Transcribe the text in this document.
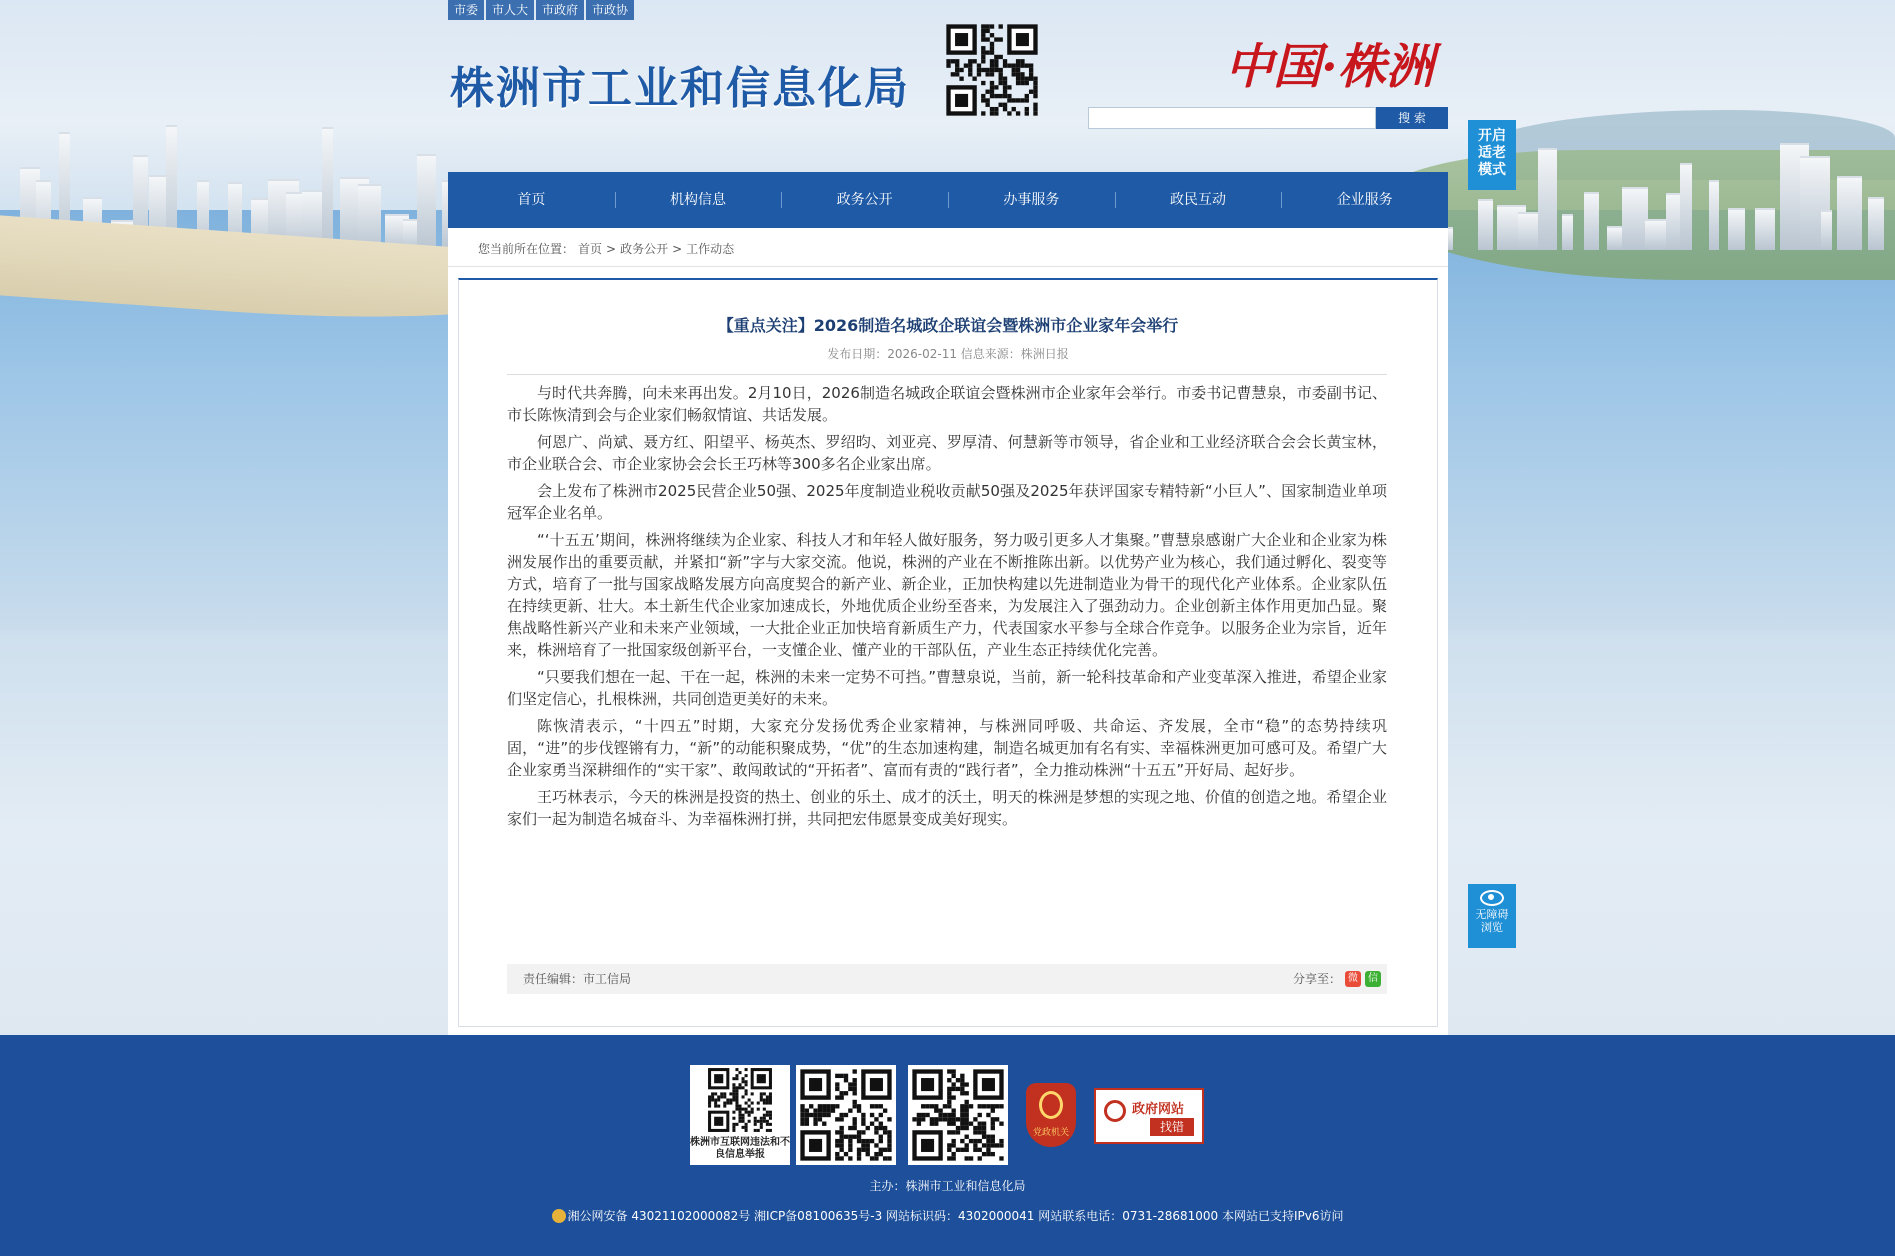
市委	市人大	市政府	市政协
株洲市工业和信息化局	中国·株洲
搜 索
开启适老模式
首页	机构信息	政务公开	办事服务	政民互动	企业服务
您当前所在位置： 首页 > 政务公开 > 工作动态
【重点关注】2026制造名城政企联谊会暨株洲市企业家年会举行
发布日期：2026-02-11 信息来源：株洲日报

与时代共奔腾，向未来再出发。2月10日，2026制造名城政企联谊会暨株洲市企业家年会举行。市委书记曹慧泉，市委副书记、市长陈恢清到会与企业家们畅叙情谊、共话发展。

何恩广、尚斌、聂方红、阳望平、杨英杰、罗绍昀、刘亚亮、罗厚清、何慧新等市领导，省企业和工业经济联合会会长黄宝林，市企业联合会、市企业家协会会长王巧林等300多名企业家出席。

会上发布了株洲市2025民营企业50强、2025年度制造业税收贡献50强及2025年获评国家专精特新“小巨人”、国家制造业单项冠军企业名单。

“‘十五五’期间，株洲将继续为企业家、科技人才和年轻人做好服务，努力吸引更多人才集聚。”曹慧泉感谢广大企业和企业家为株洲发展作出的重要贡献，并紧扣“新”字与大家交流。他说，株洲的产业在不断推陈出新。以优势产业为核心，我们通过孵化、裂变等方式，培育了一批与国家战略发展方向高度契合的新产业、新企业，正加快构建以先进制造业为骨干的现代化产业体系。企业家队伍在持续更新、壮大。本土新生代企业家加速成长，外地优质企业纷至沓来，为发展注入了强劲动力。企业创新主体作用更加凸显。聚焦战略性新兴产业和未来产业领域，一大批企业正加快培育新质生产力，代表国家水平参与全球合作竞争。以服务企业为宗旨，近年来，株洲培育了一批国家级创新平台，一支懂企业、懂产业的干部队伍，产业生态正持续优化完善。

“只要我们想在一起、干在一起，株洲的未来一定势不可挡。”曹慧泉说，当前，新一轮科技革命和产业变革深入推进，希望企业家们坚定信心，扎根株洲，共同创造更美好的未来。

陈恢清表示，“十四五”时期，大家充分发扬优秀企业家精神，与株洲同呼吸、共命运、齐发展，全市“稳”的态势持续巩固，“进”的步伐铿锵有力，“新”的动能积聚成势，“优”的生态加速构建，制造名城更加有名有实、幸福株洲更加可感可及。希望广大企业家勇当深耕细作的“实干家”、敢闯敢试的“开拓者”、富而有责的“践行者”，全力推动株洲“十五五”开好局、起好步。

王巧林表示，今天的株洲是投资的热土、创业的乐土、成才的沃土，明天的株洲是梦想的实现之地、价值的创造之地。希望企业家们一起为制造名城奋斗、为幸福株洲打拼，共同把宏伟愿景变成美好现实。

责任编辑：市工信局	分享至： 微	信
无障碍浏览
株洲市互联网违法和不良信息举报
党政机关
政府网站
找错
主办：株洲市工业和信息化局
湘公网安备 43021102000082号 湘ICP备08100635号-3 网站标识码：4302000041 网站联系电话：0731-28681000 本网站已支持IPv6访问
